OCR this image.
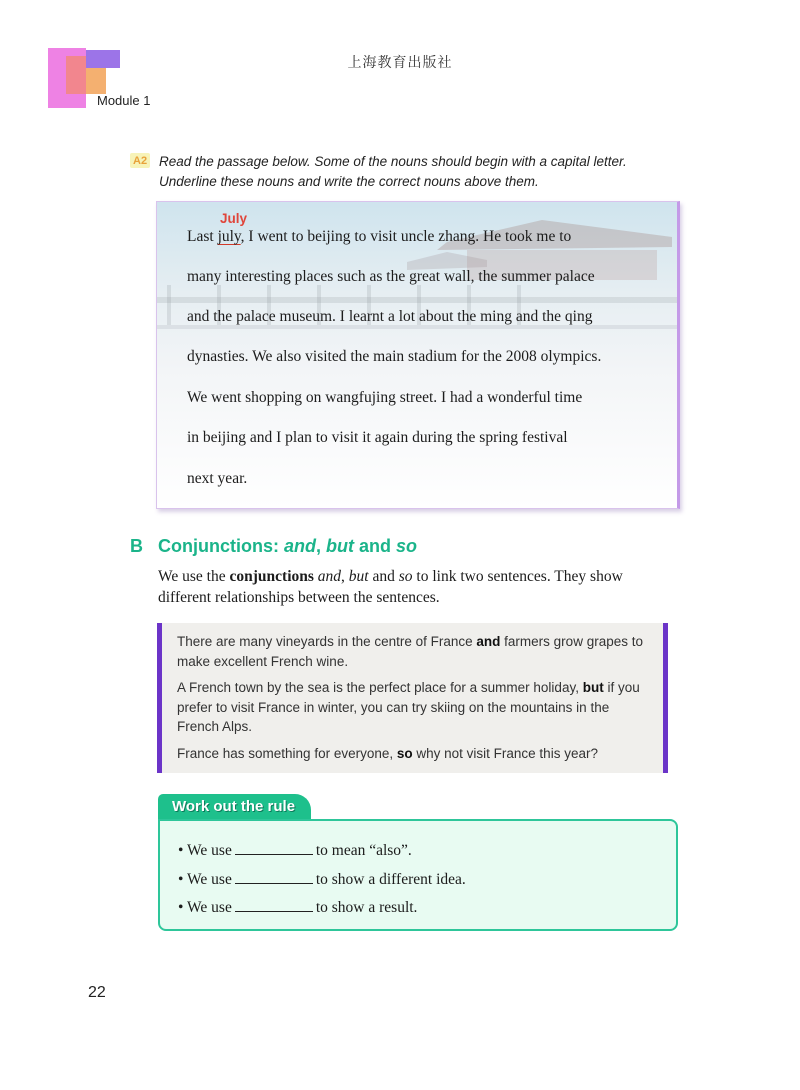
Module 1
上海教育出版社
A2 Read the passage below. Some of the nouns should begin with a capital letter.
Underline these nouns and write the correct nouns above them.
July
Last july, I went to beijing to visit uncle zhang. He took me to
many interesting places such as the great wall, the summer palace
and the palace museum. I learnt a lot about the ming and the qing
dynasties. We also visited the main stadium for the 2008 olympics.
We went shopping on wangfujing street. I had a wonderful time
in beijing and I plan to visit it again during the spring festival
next year.
B Conjunctions: and, but and so
We use the conjunctions and, but and so to link two sentences. They show different relationships between the sentences.

There are many vineyards in the centre of France and farmers grow grapes to make excellent French wine.

A French town by the sea is the perfect place for a summer holiday, but if you prefer to visit France in winter, you can try skiing on the mountains in the French Alps.

France has something for everyone, so why not visit France this year?

Work out the rule
• We use	to mean “also”.
• We use	to show a different idea.
• We use	to show a result.
22
